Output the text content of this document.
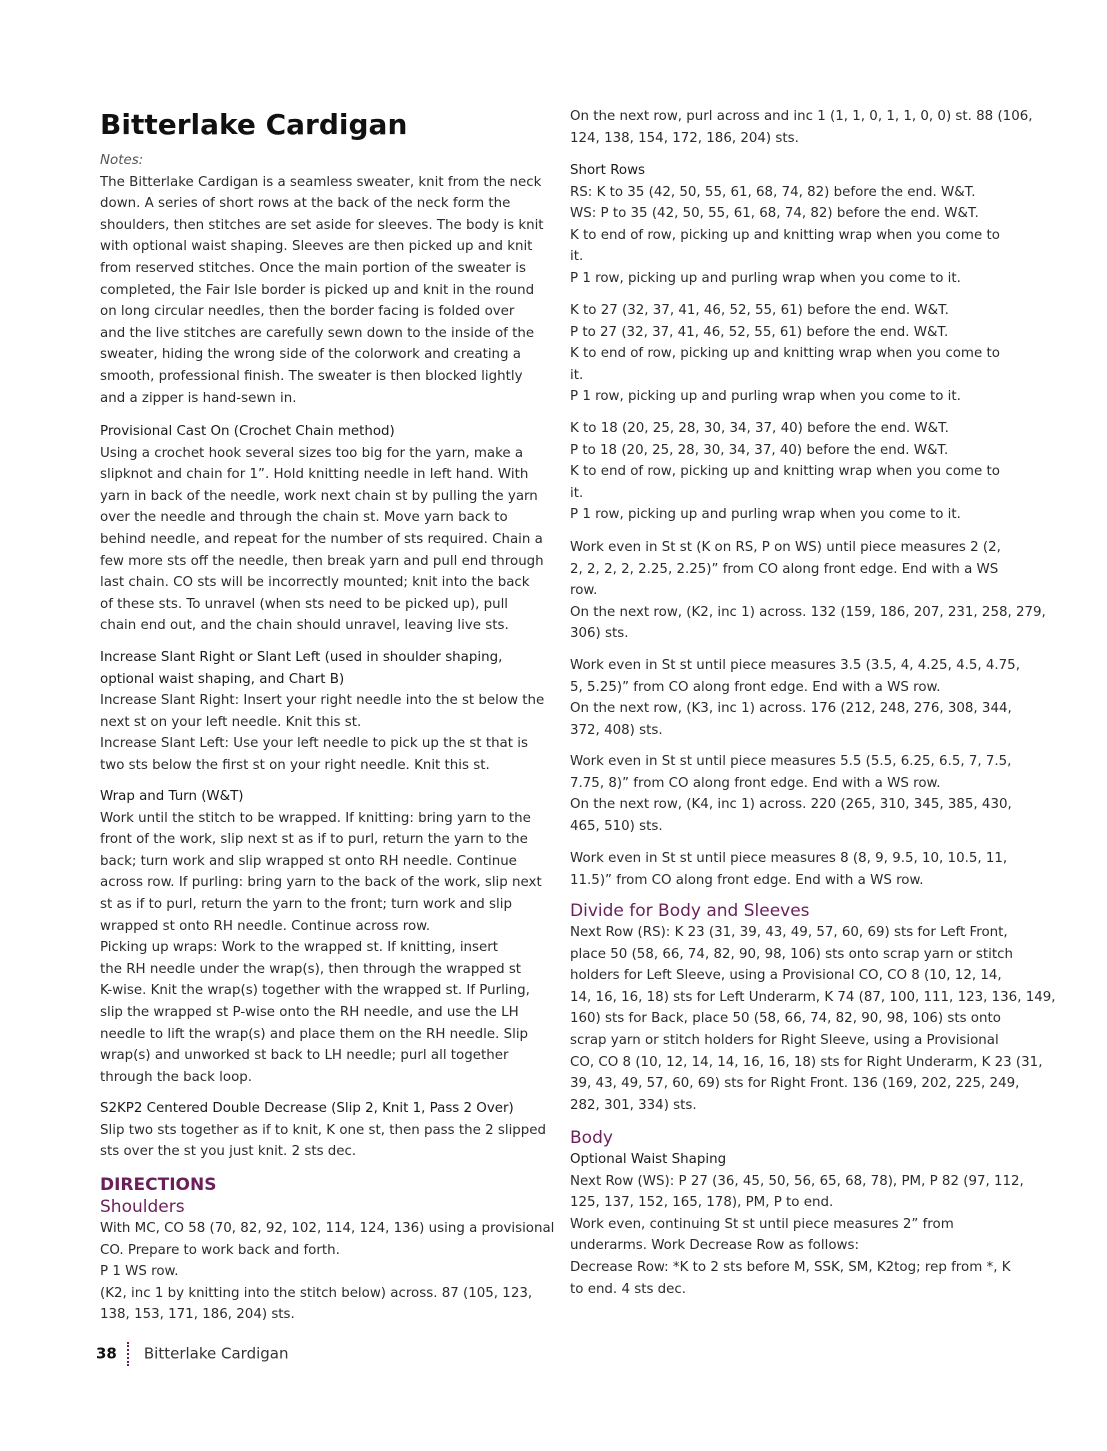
Bitterlake Cardigan

Notes:

The Bitterlake Cardigan is a seamless sweater, knit from the neck
down. A series of short rows at the back of the neck form the
shoulders, then stitches are set aside for sleeves. The body is knit
with optional waist shaping. Sleeves are then picked up and knit
from reserved stitches. Once the main portion of the sweater is
completed, the Fair Isle border is picked up and knit in the round
on long circular needles, then the border facing is folded over
and the live stitches are carefully sewn down to the inside of the
sweater, hiding the wrong side of the colorwork and creating a
smooth, professional finish. The sweater is then blocked lightly
and a zipper is hand-sewn in.

Provisional Cast On (Crochet Chain method)

Using a crochet hook several sizes too big for the yarn, make a
slipknot and chain for 1”. Hold knitting needle in left hand. With
yarn in back of the needle, work next chain st by pulling the yarn
over the needle and through the chain st. Move yarn back to
behind needle, and repeat for the number of sts required. Chain a
few more sts off the needle, then break yarn and pull end through
last chain. CO sts will be incorrectly mounted; knit into the back
of these sts. To unravel (when sts need to be picked up), pull
chain end out, and the chain should unravel, leaving live sts.
Increase Slant Right or Slant Left (used in shoulder shaping,
optional waist shaping, and Chart B)
Increase Slant Right: Insert your right needle into the st below the
next st on your left needle. Knit this st.
Increase Slant Left: Use your left needle to pick up the st that is
two sts below the first st on your right needle. Knit this st.

Wrap and Turn (W&T)

Work until the stitch to be wrapped. If knitting: bring yarn to the
front of the work, slip next st as if to purl, return the yarn to the
back; turn work and slip wrapped st onto RH needle. Continue
across row. If purling: bring yarn to the back of the work, slip next
st as if to purl, return the yarn to the front; turn work and slip
wrapped st onto RH needle. Continue across row.
Picking up wraps: Work to the wrapped st. If knitting, insert
the RH needle under the wrap(s), then through the wrapped st
K-wise. Knit the wrap(s) together with the wrapped st. If Purling,
slip the wrapped st P-wise onto the RH needle, and use the LH
needle to lift the wrap(s) and place them on the RH needle. Slip
wrap(s) and unworked st back to LH needle; purl all together
through the back loop.

S2KP2 Centered Double Decrease (Slip 2, Knit 1, Pass 2 Over)

Slip two sts together as if to knit, K one st, then pass the 2 slipped
sts over the st you just knit. 2 sts dec.

DIRECTIONS

Shoulders

With MC, CO 58 (70, 82, 92, 102, 114, 124, 136) using a provisional
CO. Prepare to work back and forth.
P 1 WS row.
(K2, inc 1 by knitting into the stitch below) across. 87 (105, 123,
138, 153, 171, 186, 204) sts.
On the next row, purl across and inc 1 (1, 1, 0, 1, 1, 0, 0) st. 88 (106,
124, 138, 154, 172, 186, 204) sts.

Short Rows

RS: K to 35 (42, 50, 55, 61, 68, 74, 82) before the end. W&T.
WS: P to 35 (42, 50, 55, 61, 68, 74, 82) before the end. W&T.
K to end of row, picking up and knitting wrap when you come to
it.
P 1 row, picking up and purling wrap when you come to it.
K to 27 (32, 37, 41, 46, 52, 55, 61) before the end. W&T.
P to 27 (32, 37, 41, 46, 52, 55, 61) before the end. W&T.
K to end of row, picking up and knitting wrap when you come to
it.
P 1 row, picking up and purling wrap when you come to it.
K to 18 (20, 25, 28, 30, 34, 37, 40) before the end. W&T.
P to 18 (20, 25, 28, 30, 34, 37, 40) before the end. W&T.
K to end of row, picking up and knitting wrap when you come to
it.
P 1 row, picking up and purling wrap when you come to it.
Work even in St st (K on RS, P on WS) until piece measures 2 (2,
2, 2, 2, 2, 2.25, 2.25)” from CO along front edge. End with a WS
row.
On the next row, (K2, inc 1) across. 132 (159, 186, 207, 231, 258, 279,
306) sts.
Work even in St st until piece measures 3.5 (3.5, 4, 4.25, 4.5, 4.75,
5, 5.25)” from CO along front edge. End with a WS row.
On the next row, (K3, inc 1) across. 176 (212, 248, 276, 308, 344,
372, 408) sts.
Work even in St st until piece measures 5.5 (5.5, 6.25, 6.5, 7, 7.5,
7.75, 8)” from CO along front edge. End with a WS row.
On the next row, (K4, inc 1) across. 220 (265, 310, 345, 385, 430,
465, 510) sts.
Work even in St st until piece measures 8 (8, 9, 9.5, 10, 10.5, 11,
11.5)” from CO along front edge. End with a WS row.

Divide for Body and Sleeves

Next Row (RS): K 23 (31, 39, 43, 49, 57, 60, 69) sts for Left Front,
place 50 (58, 66, 74, 82, 90, 98, 106) sts onto scrap yarn or stitch
holders for Left Sleeve, using a Provisional CO, CO 8 (10, 12, 14,
14, 16, 16, 18) sts for Left Underarm, K 74 (87, 100, 111, 123, 136, 149,
160) sts for Back, place 50 (58, 66, 74, 82, 90, 98, 106) sts onto
scrap yarn or stitch holders for Right Sleeve, using a Provisional
CO, CO 8 (10, 12, 14, 14, 16, 16, 18) sts for Right Underarm, K 23 (31,
39, 43, 49, 57, 60, 69) sts for Right Front. 136 (169, 202, 225, 249,
282, 301, 334) sts.

Body

Optional Waist Shaping

Next Row (WS): P 27 (36, 45, 50, 56, 65, 68, 78), PM, P 82 (97, 112,
125, 137, 152, 165, 178), PM, P to end.
Work even, continuing St st until piece measures 2” from
underarms. Work Decrease Row as follows:
Decrease Row: *K to 2 sts before M, SSK, SM, K2tog; rep from *, K
to end. 4 sts dec.
38 Bitterlake Cardigan
